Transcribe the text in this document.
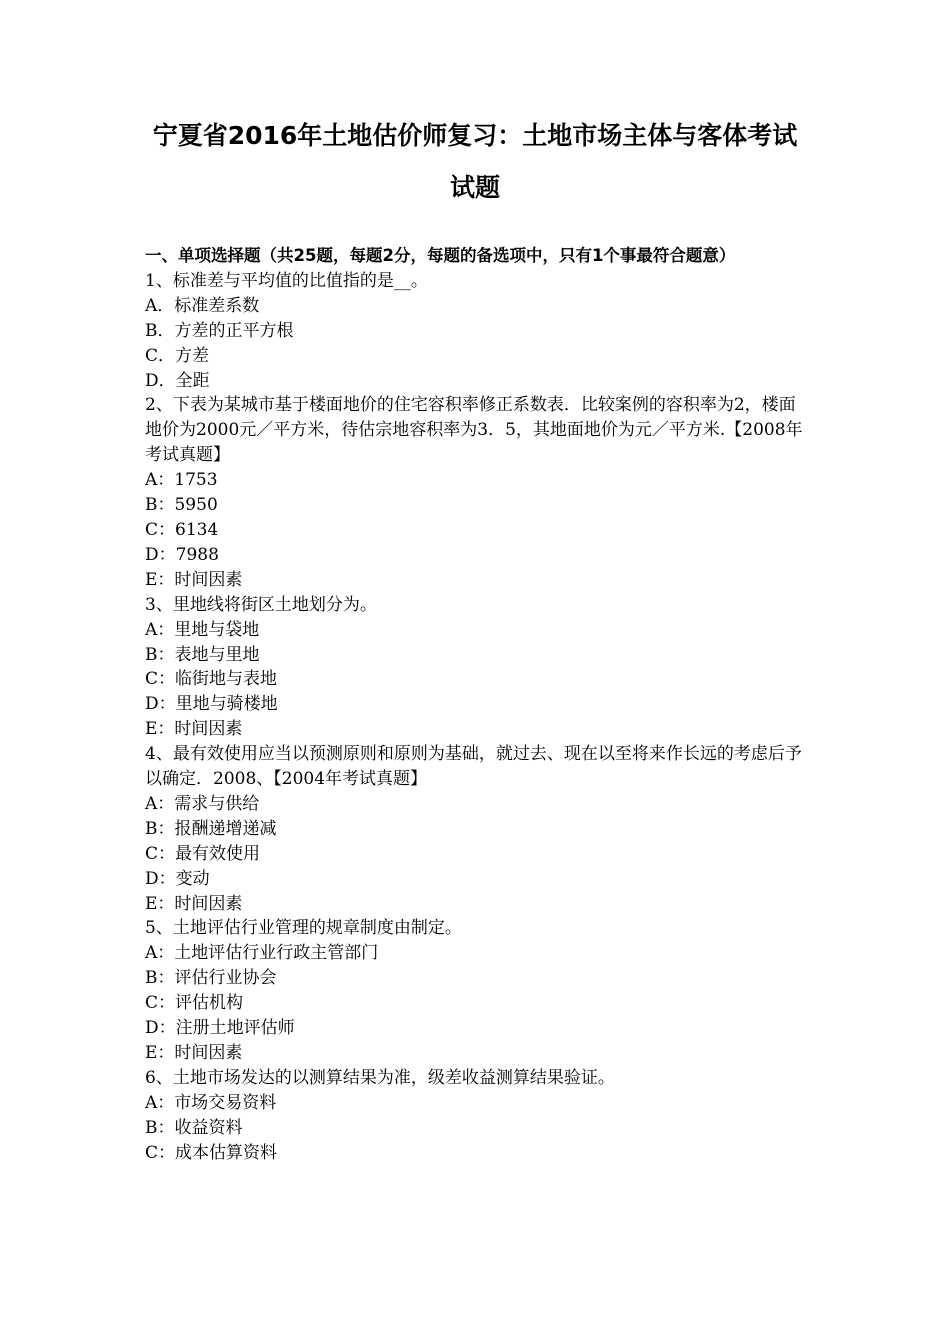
宁夏省2016年土地估价师复习：土地市场主体与客体考试
试题
一、单项选择题（共25题，每题2分，每题的备选项中，只有1个事最符合题意）
1、标准差与平均值的比值指的是__。
A．标准差系数
B．方差的正平方根
C．方差
D．全距
2、下表为某城市基于楼面地价的住宅容积率修正系数表．比较案例的容积率为2，楼面地价为2000元／平方米，待估宗地容积率为3．5，其地面地价为元／平方米.【2008年考试真题】
A：1753
B：5950
C：6134
D：7988
E：时间因素
3、里地线将街区土地划分为。
A：里地与袋地
B：表地与里地
C：临街地与表地
D：里地与骑楼地
E：时间因素
4、最有效使用应当以预测原则和原则为基础，就过去、现在以至将来作长远的考虑后予以确定．2008、【2004年考试真题】
A：需求与供给
B：报酬递增递减
C：最有效使用
D：变动
E：时间因素
5、土地评估行业管理的规章制度由制定。
A：土地评估行业行政主管部门
B：评估行业协会
C：评估机构
D：注册土地评估师
E：时间因素
6、土地市场发达的以测算结果为准，级差收益测算结果验证。
A：市场交易资料
B：收益资料
C：成本估算资料
